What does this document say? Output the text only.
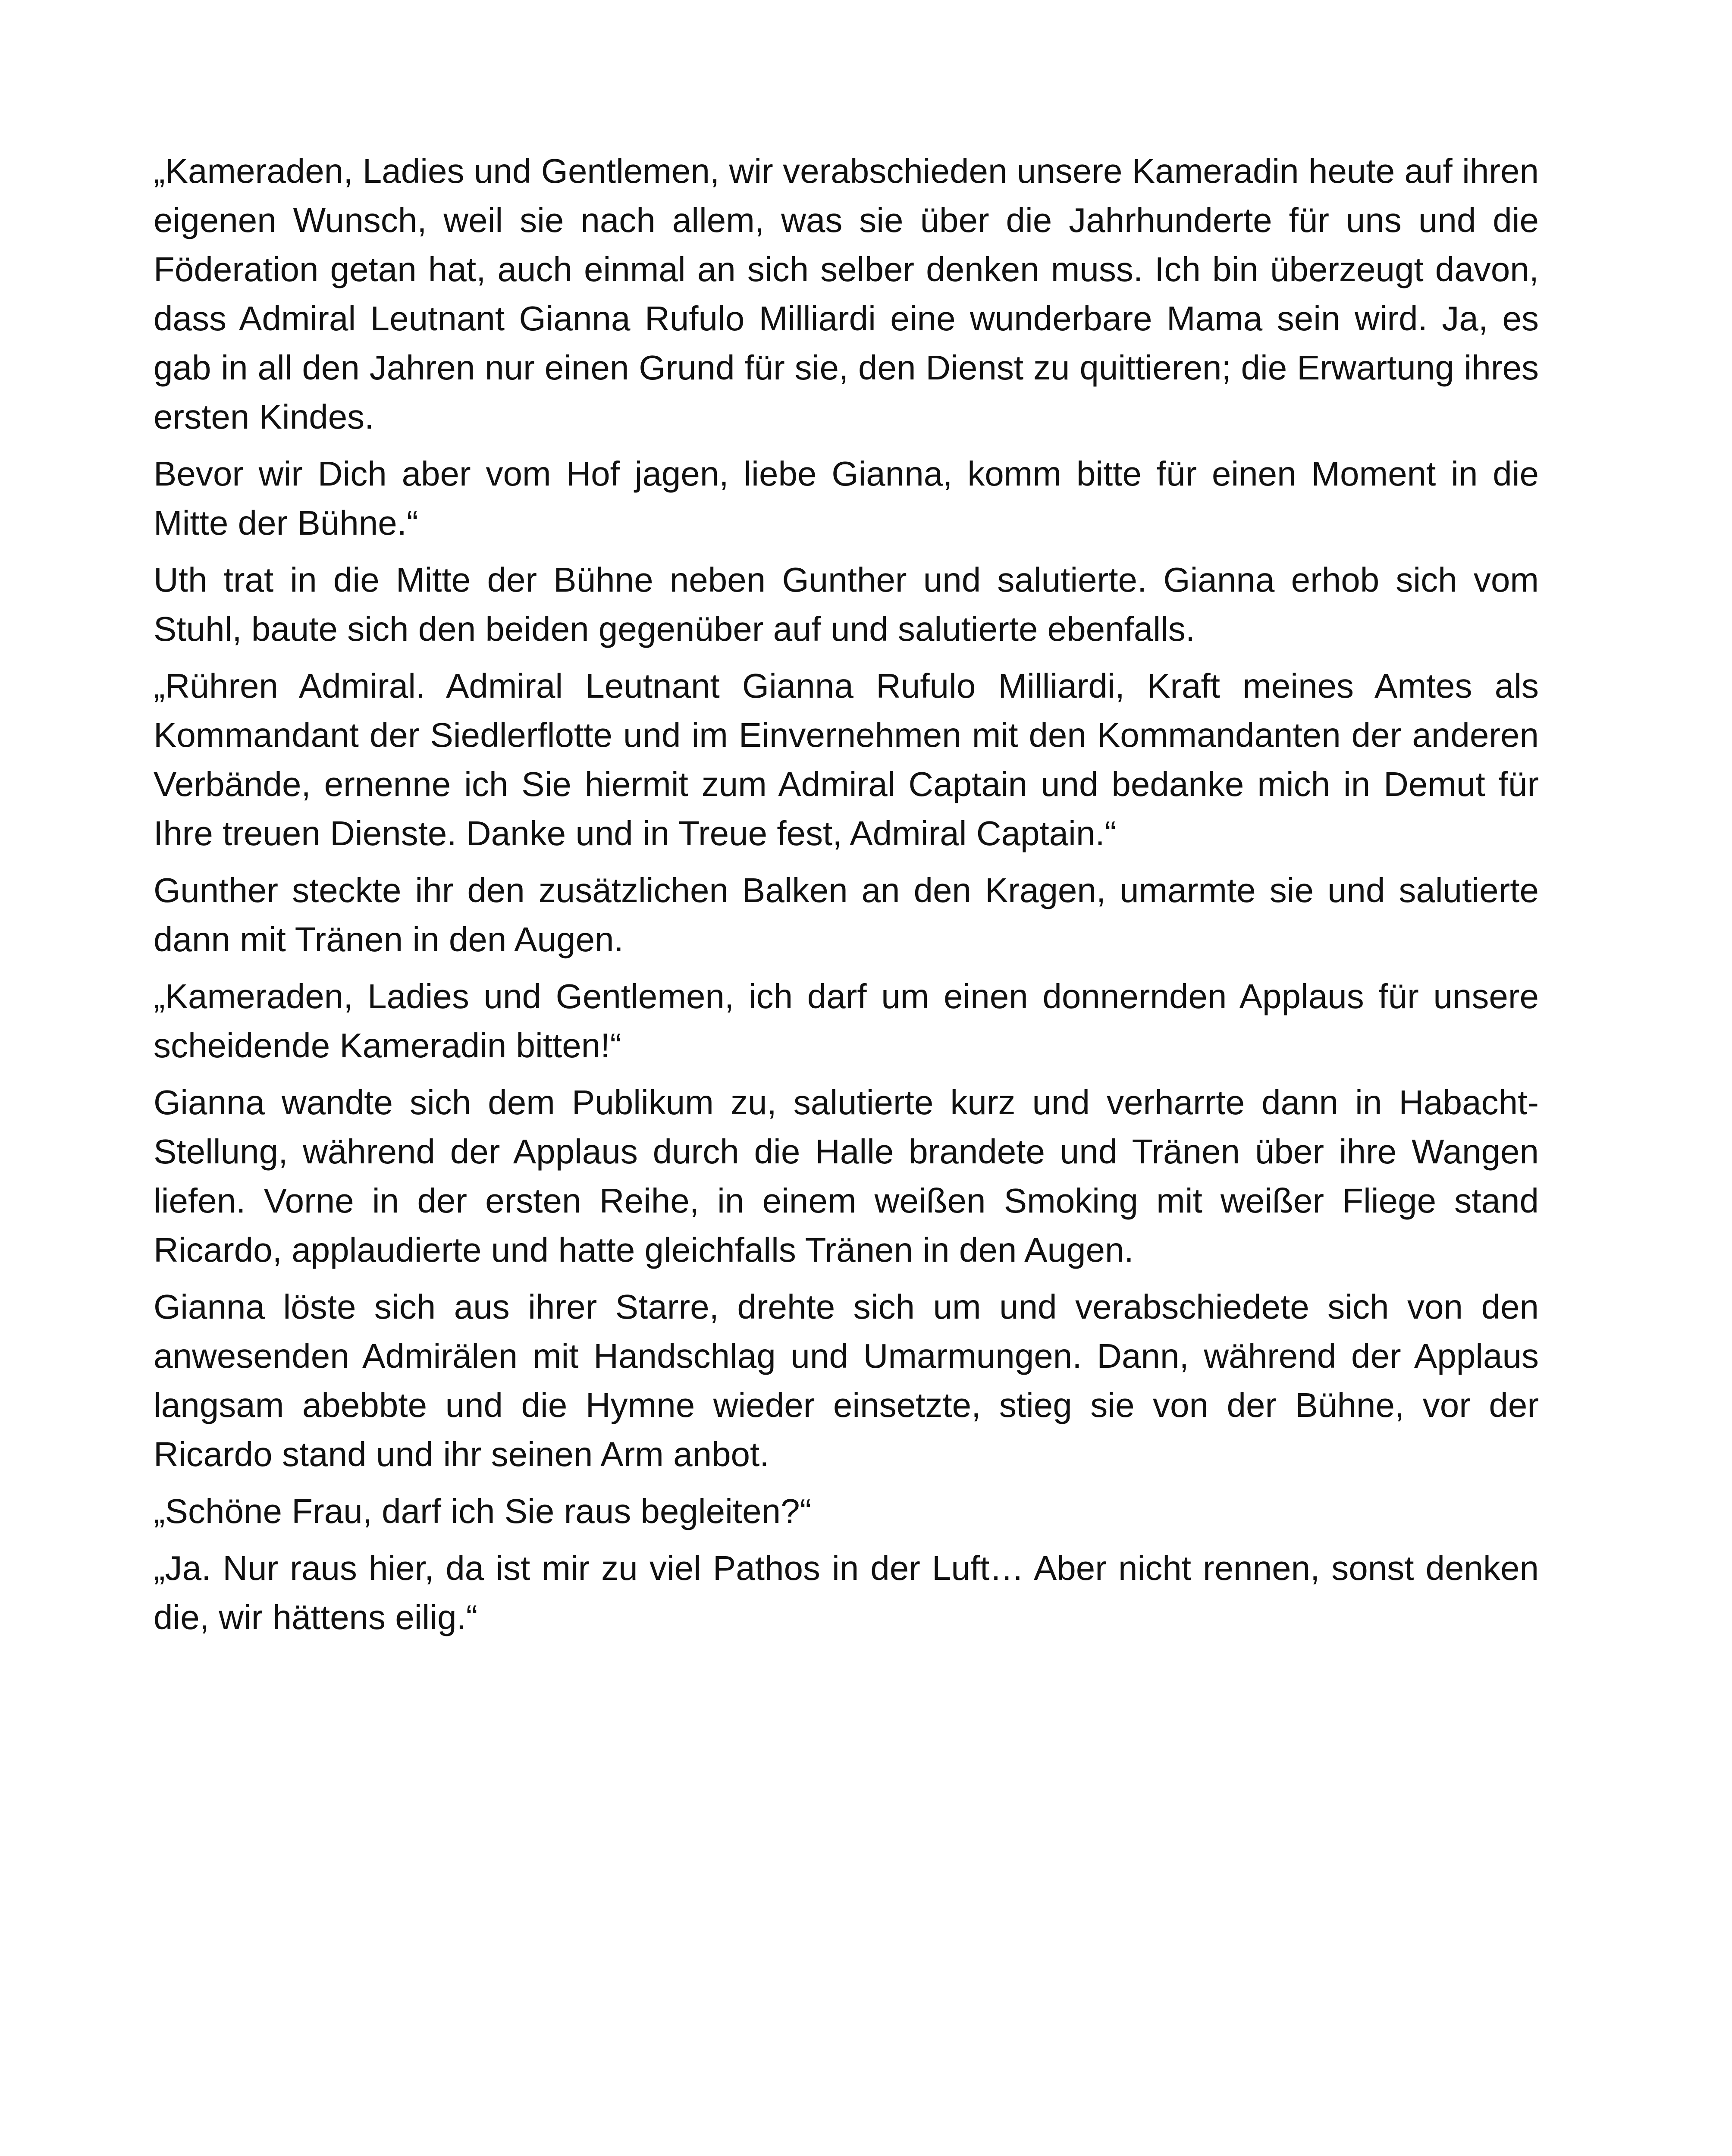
„Kameraden, Ladies und Gentlemen, wir verabschieden unsere Kameradin heute auf ihren eigenen Wunsch, weil sie nach allem, was sie über die Jahrhunderte für uns und die Föderation getan hat, auch einmal an sich selber denken muss. Ich bin überzeugt davon, dass Admiral Leutnant Gianna Rufulo Milliardi eine wunderbare Mama sein wird. Ja, es gab in all den Jahren nur einen Grund für sie, den Dienst zu quittieren; die Erwartung ihres ersten Kindes.

Bevor wir Dich aber vom Hof jagen, liebe Gianna, komm bitte für einen Moment in die Mitte der Bühne.“

Uth trat in die Mitte der Bühne neben Gunther und salutierte. Gianna erhob sich vom Stuhl, baute sich den beiden gegenüber auf und salutierte ebenfalls.

„Rühren Admiral. Admiral Leutnant Gianna Rufulo Milliardi, Kraft meines Amtes als Kommandant der Siedlerflotte und im Einvernehmen mit den Kommandanten der anderen Verbände, ernenne ich Sie hiermit zum Admiral Captain und bedanke mich in Demut für Ihre treuen Dienste. Danke und in Treue fest, Admiral Captain.“

Gunther steckte ihr den zusätzlichen Balken an den Kragen, umarmte sie und salutierte dann mit Tränen in den Augen.

„Kameraden, Ladies und Gentlemen, ich darf um einen donnernden Applaus für unsere scheidende Kameradin bitten!“

Gianna wandte sich dem Publikum zu, salutierte kurz und verharrte dann in Habacht-Stellung, während der Applaus durch die Halle brandete und Tränen über ihre Wangen liefen. Vorne in der ersten Reihe, in einem weißen Smoking mit weißer Fliege stand Ricardo, applaudierte und hatte gleichfalls Tränen in den Augen.

Gianna löste sich aus ihrer Starre, drehte sich um und verabschiedete sich von den anwesenden Admirälen mit Handschlag und Umarmungen. Dann, während der Applaus langsam abebbte und die Hymne wieder einsetzte, stieg sie von der Bühne, vor der Ricardo stand und ihr seinen Arm anbot.

„Schöne Frau, darf ich Sie raus begleiten?“

„Ja. Nur raus hier, da ist mir zu viel Pathos in der Luft… Aber nicht rennen, sonst denken die, wir hättens eilig.“
